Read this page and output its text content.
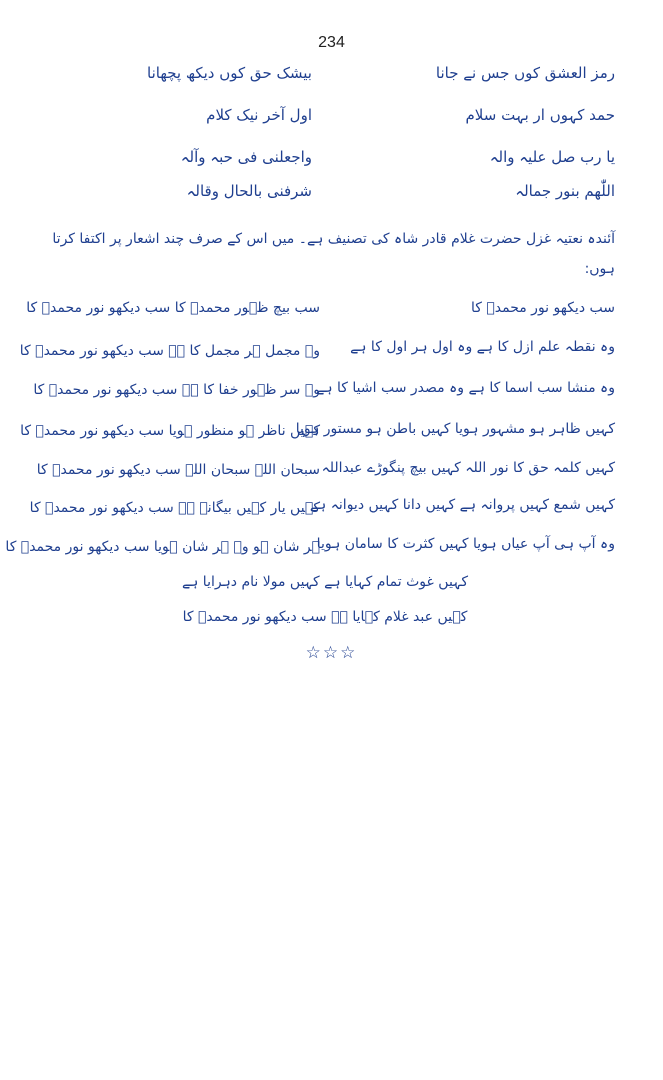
234
رمز العشق کوں جس نے جانا
بیشک حق کوں دیکھ پچھانا
حمد کہوں ار بہت سلام
اول آخر نیک کلام
یا رب صل علیہ والہ
واجعلنی فی حبہ وآلہ
اللّٰھم بنور جمالہ
شرفنی بالحال وقالہ
آئندہ نعتیہ غزل حضرت غلام قادر شاہ کی تصنیف ہے۔ میں اس کے صرف چند اشعار پر اکتفا کرتا
ہوں:
سب دیکھو نور محمدؐ کا
سب بیچ ظہور محمدؐ کا سب دیکھو نور محمدؐ کا
وہ نقطہ علم ازل کا ہے وہ اول ہر اول کا ہے
وہ مجمل ہر مجمل کا ہے سب دیکھو نور محمدؐ کا
وہ منشا سب اسما کا ہے وہ مصدر سب اشیا کا ہے
وہ سر ظہور خفا کا ہے سب دیکھو نور محمدؐ کا
کہیں ظاہر ہو مشہور ہویا کہیں باطن ہو مستور ہویا
کہیں ناظر ہو منظور ہویا سب دیکھو نور محمدؐ کا
کہیں کلمہ حق کا نور اللہ کہیں بیچ پنگوڑے عبداللہ
سبحان اللہ سبحان اللہ سب دیکھو نور محمدؐ کا
کہیں شمع کہیں پروانہ ہے کہیں دانا کہیں دیوانہ ہے
کہیں یار کہیں بیگانہ ہے سب دیکھو نور محمدؐ کا
وہ آپ ہی آپ عیاں ہویا کہیں کثرت کا سامان ہویا
ہر شان ہو وہ ہر شان ہویا سب دیکھو نور محمدؐ کا
کہیں غوث تمام کہایا ہے کہیں مولا نام دہرایا ہے
کہیں عبد غلام کہایا ہے سب دیکھو نور محمدؐ کا
☆☆☆
